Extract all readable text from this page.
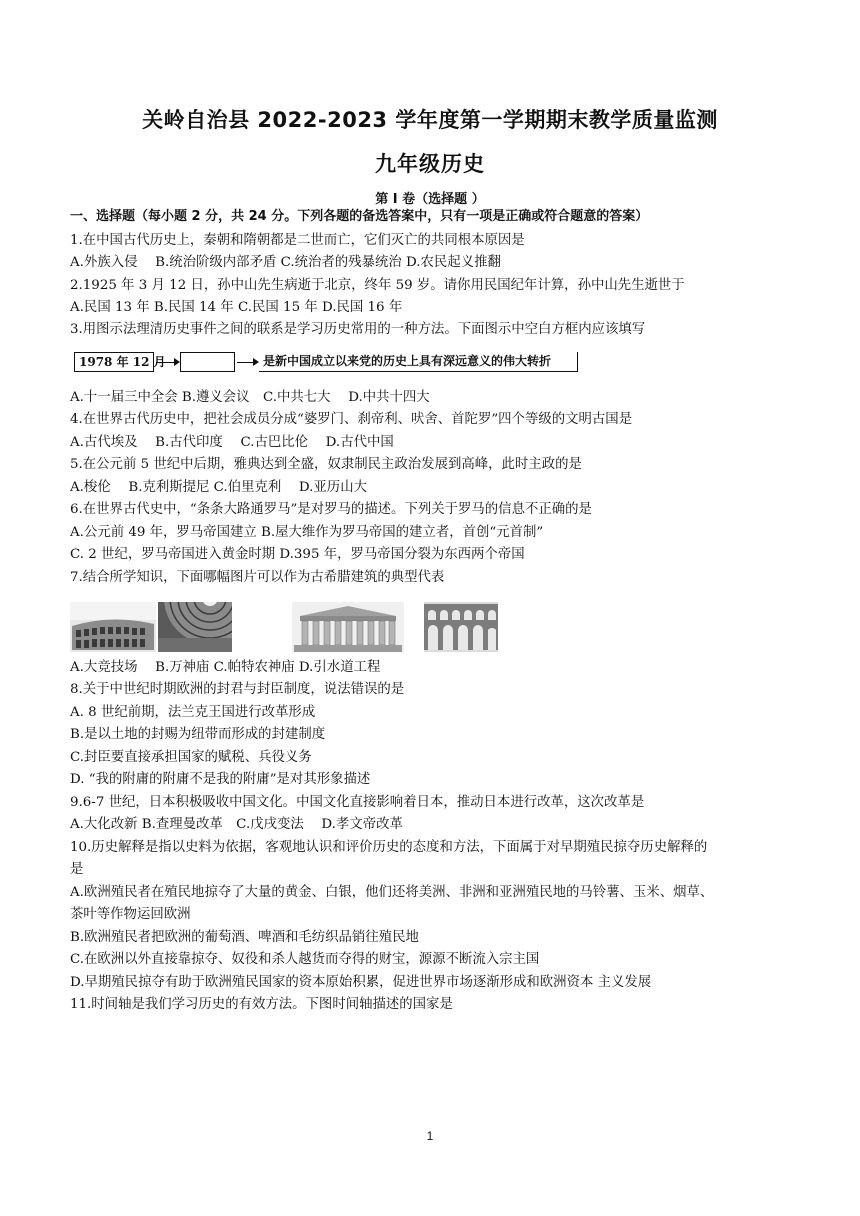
关岭自治县 2022-2023 学年度第一学期期末教学质量监测
九年级历史
第 I 卷（选择题 ）
一、选择题（每小题 2 分，共 24 分。下列各题的备选答案中，只有一项是正确或符合题意的答案）
1.在中国古代历史上，秦朝和隋朝都是二世而亡，它们灭亡的共同根本原因是
A.外族入侵　 B.统治阶级内部矛盾 C.统治者的残暴统治 D.农民起义推翻
2.1925 年 3 月 12 日，孙中山先生病逝于北京，终年 59 岁。请你用民国纪年计算，孙中山先生逝世于
A.民国 13 年 B.民国 14 年 C.民国 15 年 D.民国 16 年
3.用图示法理清历史事件之间的联系是学习历史常用的一种方法。下面图示中空白方框内应该填写
1978 年 12 月	是新中国成立以来党的历史上具有深远意义的伟大转折
A.十一届三中全会 B.遵义会议　C.中共七大　 D.中共十四大
4.在世界古代历史中，把社会成员分成“婆罗门、刹帝利、吠舍、首陀罗”四个等级的文明古国是
A.古代埃及　 B.古代印度　 C.古巴比伦　 D.古代中国
5.在公元前 5 世纪中后期，雅典达到全盛，奴隶制民主政治发展到高峰，此时主政的是
A.梭伦　 B.克利斯提尼 C.伯里克利　 D.亚历山大
6.在世界古代史中，“条条大路通罗马”是对罗马的描述。下列关于罗马的信息不正确的是
A.公元前 49 年，罗马帝国建立 B.屋大维作为罗马帝国的建立者，首创“元首制”
C. 2 世纪，罗马帝国进入黄金时期 D.395 年，罗马帝国分裂为东西两个帝国
7.结合所学知识，下面哪幅图片可以作为古希腊建筑的典型代表
A.大竞技场　 B.万神庙 C.帕特农神庙 D.引水道工程
8.关于中世纪时期欧洲的封君与封臣制度，说法错误的是
A. 8 世纪前期，法兰克王国进行改革形成
B.是以土地的封赐为纽带而形成的封建制度
C.封臣要直接承担国家的赋税、兵役义务
D. “我的附庸的附庸不是我的附庸”是对其形象描述
9.6-7 世纪，日本积极吸收中国文化。中国文化直接影响着日本，推动日本进行改革，这次改革是
A.大化改新 B.查理曼改革　C.戊戌变法　 D.孝文帝改革
10.历史解释是指以史料为依据，客观地认识和评价历史的态度和方法，下面属于对早期殖民掠夺历史解释的
是
A.欧洲殖民者在殖民地掠夺了大量的黄金、白银，他们还将美洲、非洲和亚洲殖民地的马铃薯、玉米、烟草、
茶叶等作物运回欧洲
B.欧洲殖民者把欧洲的葡萄酒、啤酒和毛纺织品销往殖民地
C.在欧洲以外直接靠掠夺、奴役和杀人越货而夺得的财宝，源源不断流入宗主国
D.早期殖民掠夺有助于欧洲殖民国家的资本原始积累，促进世界市场逐渐形成和欧洲资本 主义发展
11.时间轴是我们学习历史的有效方法。下图时间轴描述的国家是
1
